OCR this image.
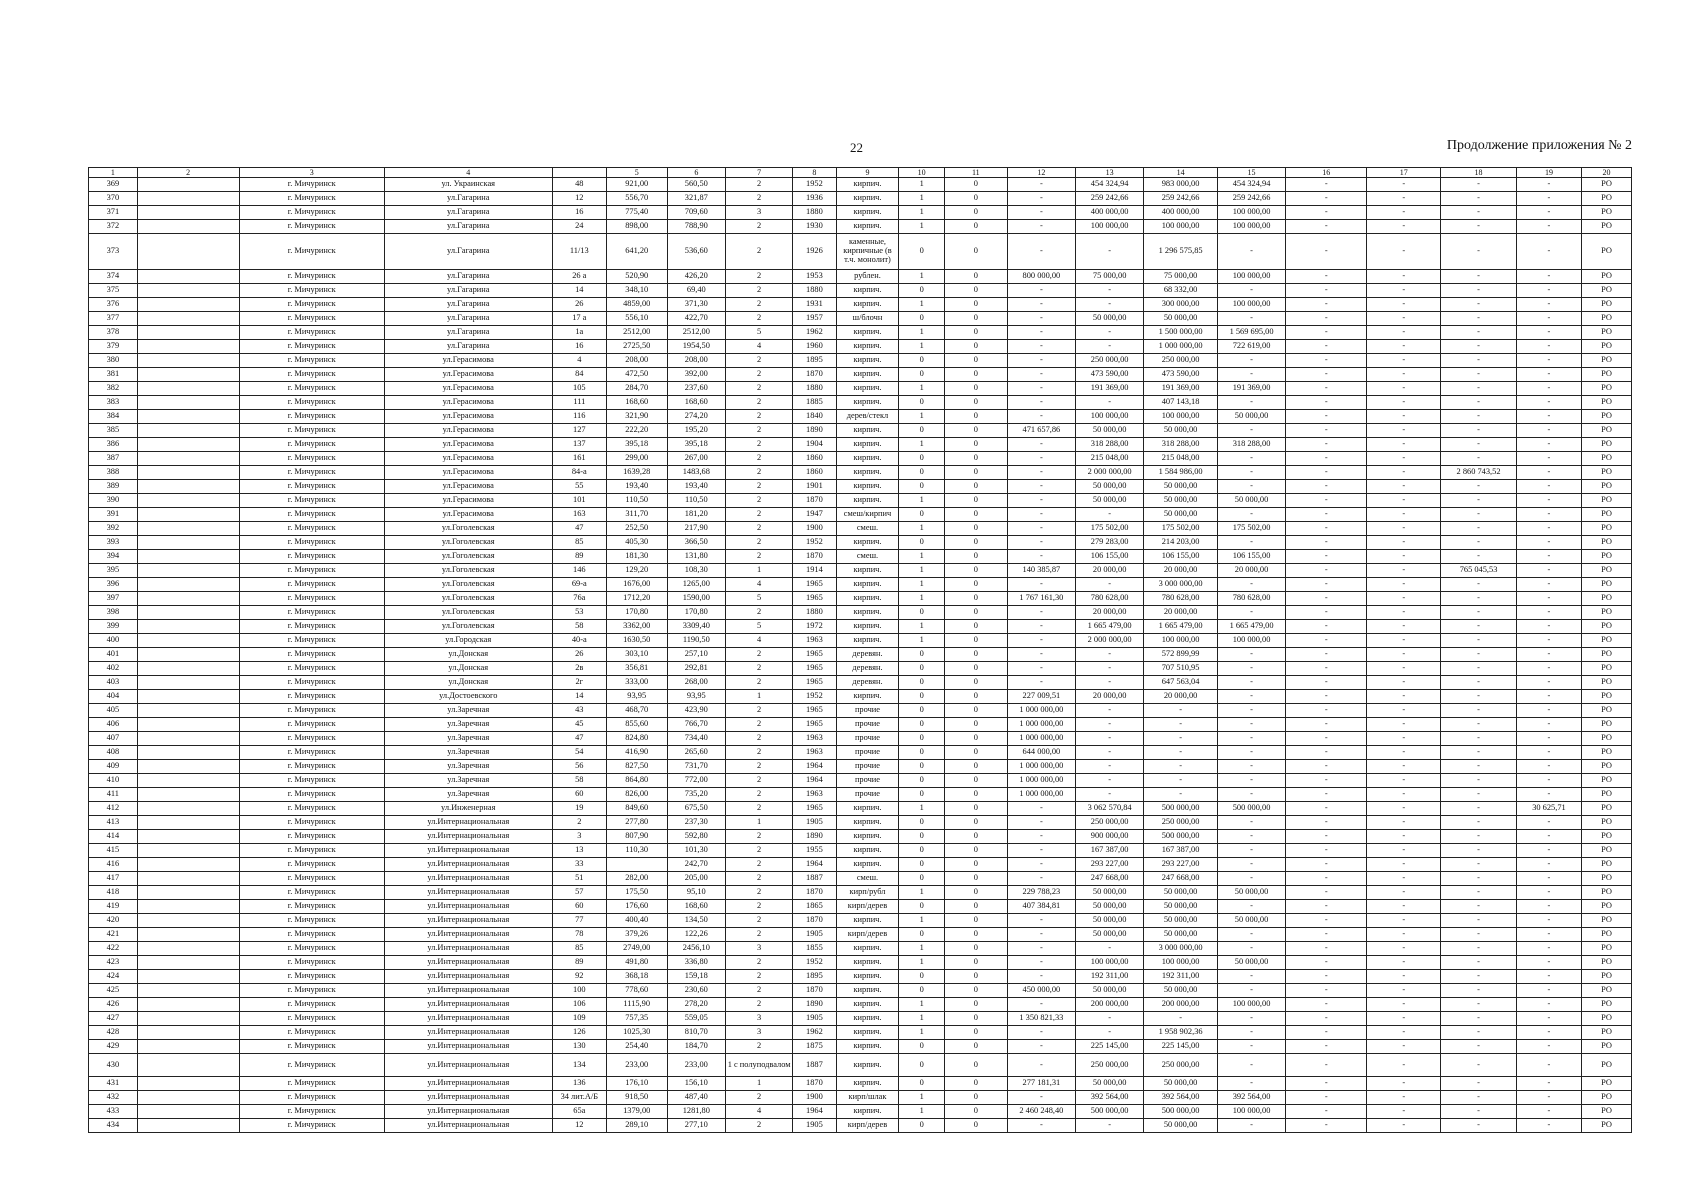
22	Продолжение приложения № 2
1	2	3	4		5	6	7	8	9	10	11	12	13	14	15	16	17	18	19	20
369		г. Мичуринск	ул. Украинская	48	921,00	560,50	2	1952	кирпич.	1	0	-	454 324,94	983 000,00	454 324,94	-	-	-	-	РО
370		г. Мичуринск	ул.Гагарина	12	556,70	321,87	2	1936	кирпич.	1	0	-	259 242,66	259 242,66	259 242,66	-	-	-	-	РО
371		г. Мичуринск	ул.Гагарина	16	775,40	709,60	3	1880	кирпич.	1	0	-	400 000,00	400 000,00	100 000,00	-	-	-	-	РО
372		г. Мичуринск	ул.Гагарина	24	898,00	788,90	2	1930	кирпич.	1	0	-	100 000,00	100 000,00	100 000,00	-	-	-	-	РО
373		г. Мичуринск	ул.Гагарина	11/13	641,20	536,60	2	1926	каменные, кирпичные (в т.ч. монолит)	0	0	-	-	1 296 575,85	-	-	-	-	-	РО
374		г. Мичуринск	ул.Гагарина	26 а	520,90	426,20	2	1953	рублен.	1	0	800 000,00	75 000,00	75 000,00	100 000,00	-	-	-	-	РО
375		г. Мичуринск	ул.Гагарина	14	348,10	69,40	2	1880	кирпич.	0	0	-	-	68 332,00	-	-	-	-	-	РО
376		г. Мичуринск	ул.Гагарина	26	4859,00	371,30	2	1931	кирпич.	1	0	-	-	300 000,00	100 000,00	-	-	-	-	РО
377		г. Мичуринск	ул.Гагарина	17 а	556,10	422,70	2	1957	ш/блочн	0	0	-	50 000,00	50 000,00	-	-	-	-	-	РО
378		г. Мичуринск	ул.Гагарина	1а	2512,00	2512,00	5	1962	кирпич.	1	0	-	-	1 500 000,00	1 569 695,00	-	-	-	-	РО
379		г. Мичуринск	ул.Гагарина	16	2725,50	1954,50	4	1960	кирпич.	1	0	-	-	1 000 000,00	722 619,00	-	-	-	-	РО
380		г. Мичуринск	ул.Герасимова	4	208,00	208,00	2	1895	кирпич.	0	0	-	250 000,00	250 000,00	-	-	-	-	-	РО
381		г. Мичуринск	ул.Герасимова	84	472,50	392,00	2	1870	кирпич.	0	0	-	473 590,00	473 590,00	-	-	-	-	-	РО
382		г. Мичуринск	ул.Герасимова	105	284,70	237,60	2	1880	кирпич.	1	0	-	191 369,00	191 369,00	191 369,00	-	-	-	-	РО
383		г. Мичуринск	ул.Герасимова	111	168,60	168,60	2	1885	кирпич.	0	0	-	-	407 143,18	-	-	-	-	-	РО
384		г. Мичуринск	ул.Герасимова	116	321,90	274,20	2	1840	дерев/стекл	1	0	-	100 000,00	100 000,00	50 000,00	-	-	-	-	РО
385		г. Мичуринск	ул.Герасимова	127	222,20	195,20	2	1890	кирпич.	0	0	471 657,86	50 000,00	50 000,00	-	-	-	-	-	РО
386		г. Мичуринск	ул.Герасимова	137	395,18	395,18	2	1904	кирпич.	1	0	-	318 288,00	318 288,00	318 288,00	-	-	-	-	РО
387		г. Мичуринск	ул.Герасимова	161	299,00	267,00	2	1860	кирпич.	0	0	-	215 048,00	215 048,00	-	-	-	-	-	РО
388		г. Мичуринск	ул.Герасимова	84-а	1639,28	1483,68	2	1860	кирпич.	0	0	-	2 000 000,00	1 584 986,00	-	-	-	2 860 743,52	-	РО
389		г. Мичуринск	ул.Герасимова	55	193,40	193,40	2	1901	кирпич.	0	0	-	50 000,00	50 000,00	-	-	-	-	-	РО
390		г. Мичуринск	ул.Герасимова	101	110,50	110,50	2	1870	кирпич.	1	0	-	50 000,00	50 000,00	50 000,00	-	-	-	-	РО
391		г. Мичуринск	ул.Герасимова	163	311,70	181,20	2	1947	смеш/кирпич	0	0	-	-	50 000,00	-	-	-	-	-	РО
392		г. Мичуринск	ул.Гоголевская	47	252,50	217,90	2	1900	смеш.	1	0	-	175 502,00	175 502,00	175 502,00	-	-	-	-	РО
393		г. Мичуринск	ул.Гоголевская	85	405,30	366,50	2	1952	кирпич.	0	0	-	279 283,00	214 203,00	-	-	-	-	-	РО
394		г. Мичуринск	ул.Гоголевская	89	181,30	131,80	2	1870	смеш.	1	0	-	106 155,00	106 155,00	106 155,00	-	-	-	-	РО
395		г. Мичуринск	ул.Гоголевская	146	129,20	108,30	1	1914	кирпич.	1	0	140 385,87	20 000,00	20 000,00	20 000,00	-	-	765 045,53	-	РО
396		г. Мичуринск	ул.Гоголевская	69-а	1676,00	1265,00	4	1965	кирпич.	1	0	-	-	3 000 000,00	-	-	-	-	-	РО
397		г. Мичуринск	ул.Гоголевская	76а	1712,20	1590,00	5	1965	кирпич.	1	0	1 767 161,30	780 628,00	780 628,00	780 628,00	-	-	-	-	РО
398		г. Мичуринск	ул.Гоголевская	53	170,80	170,80	2	1880	кирпич.	0	0	-	20 000,00	20 000,00	-	-	-	-	-	РО
399		г. Мичуринск	ул.Гоголевская	58	3362,00	3309,40	5	1972	кирпич.	1	0	-	1 665 479,00	1 665 479,00	1 665 479,00	-	-	-	-	РО
400		г. Мичуринск	ул.Городская	40-а	1630,50	1190,50	4	1963	кирпич.	1	0	-	2 000 000,00	100 000,00	100 000,00	-	-	-	-	РО
401		г. Мичуринск	ул.Донская	26	303,10	257,10	2	1965	деревян.	0	0	-	-	572 899,99	-	-	-	-	-	РО
402		г. Мичуринск	ул.Донская	2в	356,81	292,81	2	1965	деревян.	0	0	-	-	707 510,95	-	-	-	-	-	РО
403		г. Мичуринск	ул.Донская	2г	333,00	268,00	2	1965	деревян.	0	0	-	-	647 563,04	-	-	-	-	-	РО
404		г. Мичуринск	ул.Достоевского	14	93,95	93,95	1	1952	кирпич.	0	0	227 009,51	20 000,00	20 000,00	-	-	-	-	-	РО
405		г. Мичуринск	ул.Заречная	43	468,70	423,90	2	1965	прочие	0	0	1 000 000,00	-	-	-	-	-	-	-	РО
406		г. Мичуринск	ул.Заречная	45	855,60	766,70	2	1965	прочие	0	0	1 000 000,00	-	-	-	-	-	-	-	РО
407		г. Мичуринск	ул.Заречная	47	824,80	734,40	2	1963	прочие	0	0	1 000 000,00	-	-	-	-	-	-	-	РО
408		г. Мичуринск	ул.Заречная	54	416,90	265,60	2	1963	прочие	0	0	644 000,00	-	-	-	-	-	-	-	РО
409		г. Мичуринск	ул.Заречная	56	827,50	731,70	2	1964	прочие	0	0	1 000 000,00	-	-	-	-	-	-	-	РО
410		г. Мичуринск	ул.Заречная	58	864,80	772,00	2	1964	прочие	0	0	1 000 000,00	-	-	-	-	-	-	-	РО
411		г. Мичуринск	ул.Заречная	60	826,00	735,20	2	1963	прочие	0	0	1 000 000,00	-	-	-	-	-	-	-	РО
412		г. Мичуринск	ул.Инженерная	19	849,60	675,50	2	1965	кирпич.	1	0	-	3 062 570,84	500 000,00	500 000,00	-	-	-	30 625,71	РО
413		г. Мичуринск	ул.Интернациональная	2	277,80	237,30	1	1905	кирпич.	0	0	-	250 000,00	250 000,00	-	-	-	-	-	РО
414		г. Мичуринск	ул.Интернациональная	3	807,90	592,80	2	1890	кирпич.	0	0	-	900 000,00	500 000,00	-	-	-	-	-	РО
415		г. Мичуринск	ул.Интернациональная	13	110,30	101,30	2	1955	кирпич.	0	0	-	167 387,00	167 387,00	-	-	-	-	-	РО
416		г. Мичуринск	ул.Интернациональная	33		242,70	2	1964	кирпич.	0	0	-	293 227,00	293 227,00	-	-	-	-	-	РО
417		г. Мичуринск	ул.Интернациональная	51	282,00	205,00	2	1887	смеш.	0	0	-	247 668,00	247 668,00	-	-	-	-	-	РО
418		г. Мичуринск	ул.Интернациональная	57	175,50	95,10	2	1870	кирп/рубл	1	0	229 788,23	50 000,00	50 000,00	50 000,00	-	-	-	-	РО
419		г. Мичуринск	ул.Интернациональная	60	176,60	168,60	2	1865	кирп/дерев	0	0	407 384,81	50 000,00	50 000,00	-	-	-	-	-	РО
420		г. Мичуринск	ул.Интернациональная	77	400,40	134,50	2	1870	кирпич.	1	0	-	50 000,00	50 000,00	50 000,00	-	-	-	-	РО
421		г. Мичуринск	ул.Интернациональная	78	379,26	122,26	2	1905	кирп/дерев	0	0	-	50 000,00	50 000,00	-	-	-	-	-	РО
422		г. Мичуринск	ул.Интернациональная	85	2749,00	2456,10	3	1855	кирпич.	1	0	-	-	3 000 000,00	-	-	-	-	-	РО
423		г. Мичуринск	ул.Интернациональная	89	491,80	336,80	2	1952	кирпич.	1	0	-	100 000,00	100 000,00	50 000,00	-	-	-	-	РО
424		г. Мичуринск	ул.Интернациональная	92	368,18	159,18	2	1895	кирпич.	0	0	-	192 311,00	192 311,00	-	-	-	-	-	РО
425		г. Мичуринск	ул.Интернациональная	100	778,60	230,60	2	1870	кирпич.	0	0	450 000,00	50 000,00	50 000,00	-	-	-	-	-	РО
426		г. Мичуринск	ул.Интернациональная	106	1115,90	278,20	2	1890	кирпич.	1	0	-	200 000,00	200 000,00	100 000,00	-	-	-	-	РО
427		г. Мичуринск	ул.Интернациональная	109	757,35	559,05	3	1905	кирпич.	1	0	1 350 821,33	-	-	-	-	-	-	-	РО
428		г. Мичуринск	ул.Интернациональная	126	1025,30	810,70	3	1962	кирпич.	1	0	-	-	1 958 902,36	-	-	-	-	-	РО
429		г. Мичуринск	ул.Интернациональная	130	254,40	184,70	2	1875	кирпич.	0	0	-	225 145,00	225 145,00	-	-	-	-	-	РО
430		г. Мичуринск	ул.Интернациональная	134	233,00	233,00	1 с полуподвалом	1887	кирпич.	0	0	-	250 000,00	250 000,00	-	-	-	-	-	РО
431		г. Мичуринск	ул.Интернациональная	136	176,10	156,10	1	1870	кирпич.	0	0	277 181,31	50 000,00	50 000,00	-	-	-	-	-	РО
432		г. Мичуринск	ул.Интернациональная	34 лит.А/Б	918,50	487,40	2	1900	кирп/шлак	1	0	-	392 564,00	392 564,00	392 564,00	-	-	-	-	РО
433		г. Мичуринск	ул.Интернациональная	65а	1379,00	1281,80	4	1964	кирпич.	1	0	2 460 248,40	500 000,00	500 000,00	100 000,00	-	-	-	-	РО
434		г. Мичуринск	ул.Интернациональная	12	289,10	277,10	2	1905	кирп/дерев	0	0	-	-	50 000,00	-	-	-	-	-	РО
